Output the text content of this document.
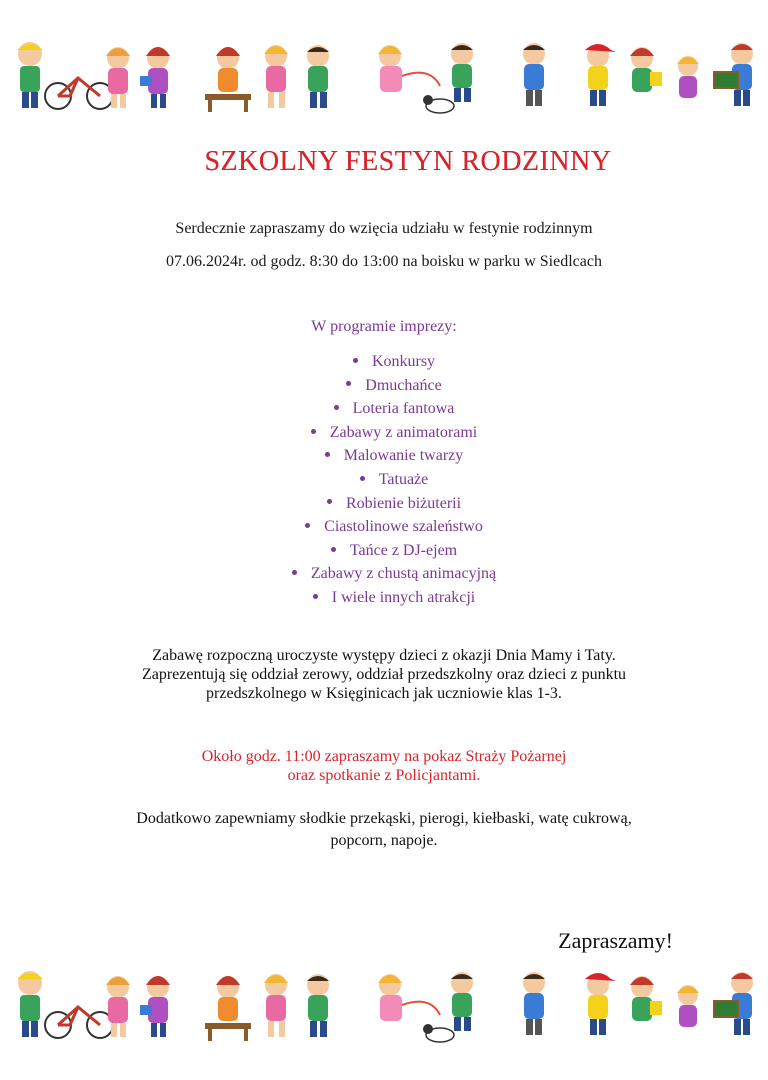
SZKOLNY FESTYN RODZINNY
Serdecznie zapraszamy do wzięcia udziału w festynie rodzinnym
07.06.2024r. od godz. 8:30 do 13:00 na boisku w parku w Siedlcach
W programie imprezy:
Konkursy
Dmuchańce
Loteria fantowa
Zabawy z animatorami
Malowanie twarzy
Tatuaże
Robienie biżuterii
Ciastolinowe szaleństwo
Tańce z DJ-ejem
Zabawy z chustą animacyjną
I wiele innych atrakcji
Zabawę rozpoczną uroczyste występy dzieci z okazji Dnia Mamy i Taty.
Zaprezentują się oddział zerowy, oddział przedszkolny oraz dzieci z punktu
przedszkolnego w Księginicach jak uczniowie klas 1-3.
Około godz. 11:00 zapraszamy na pokaz Straży Pożarnej
oraz spotkanie z Policjantami.
Dodatkowo zapewniamy słodkie przekąski, pierogi, kiełbaski, watę cukrową,
popcorn, napoje.
Zapraszamy!
